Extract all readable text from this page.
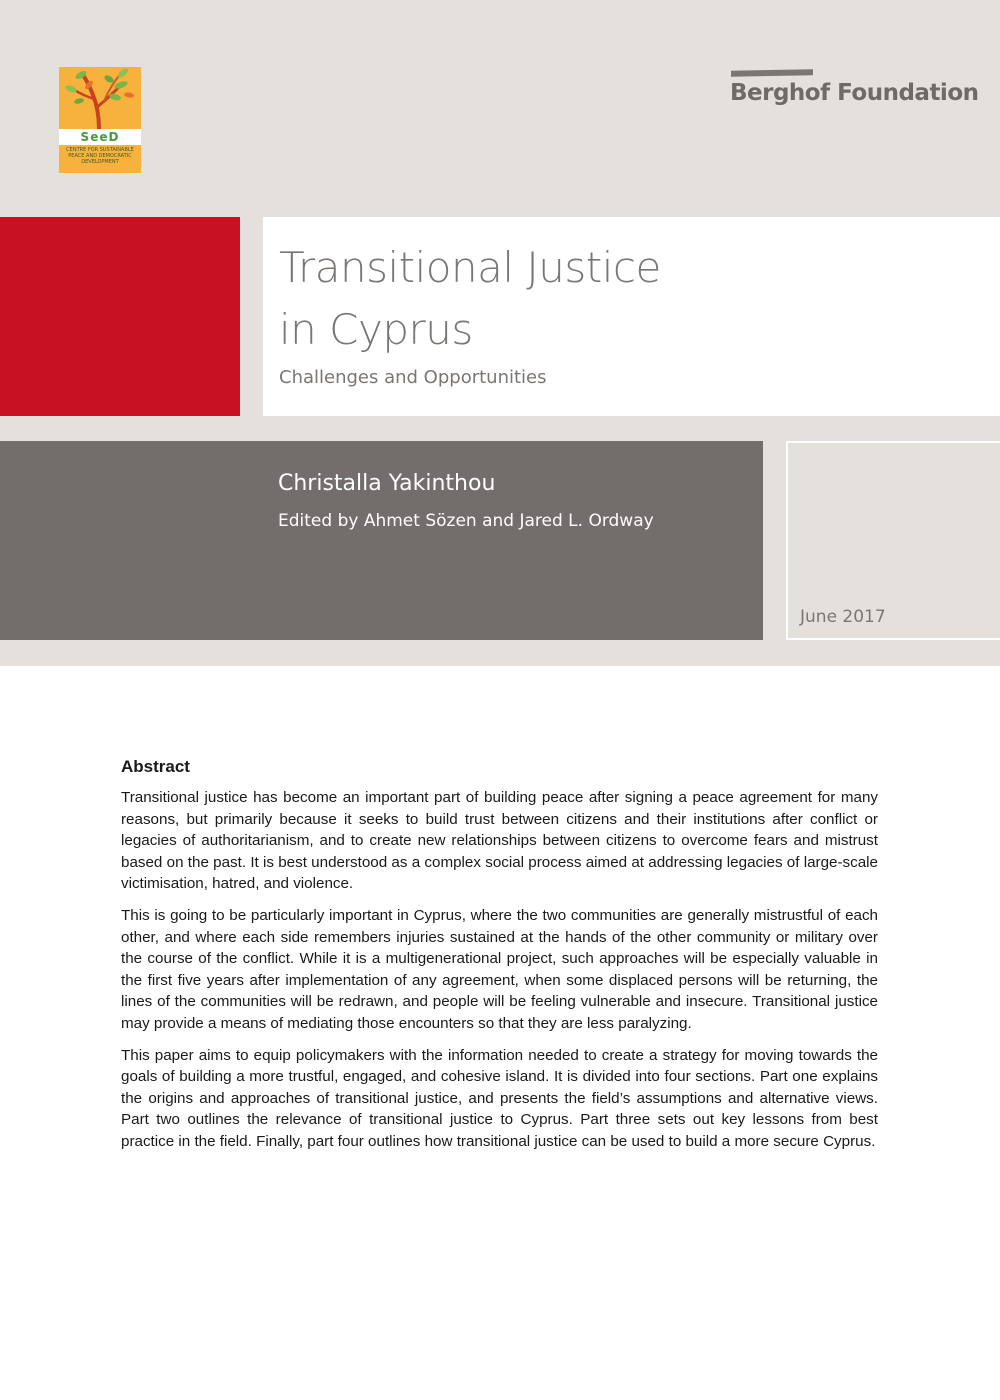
SeeD
CENTRE FOR SUSTAINABLE PEACE AND DEMOCRATIC DEVELOPMENT
Berghof Foundation
Transitional Justice
in Cyprus
Challenges and Opportunities
Christalla Yakinthou
Edited by Ahmet Sözen and Jared L. Ordway
June 2017
Abstract

Transitional justice has become an important part of building peace after signing a peace agreement for many reasons, but primarily because it seeks to build trust between citizens and their institutions after conflict or legacies of authoritarianism, and to create new relationships between citizens to overcome fears and mistrust based on the past. It is best understood as a complex social process aimed at addressing legacies of large-scale victimisation, hatred, and violence.

This is going to be particularly important in Cyprus, where the two communities are generally mistrustful of each other, and where each side remembers injuries sustained at the hands of the other community or military over the course of the conflict. While it is a multigenerational project, such approaches will be especially valuable in the first five years after implementation of any agreement, when some displaced persons will be returning, the lines of the communities will be redrawn, and people will be feeling vulnerable and insecure. Transitional justice may provide a means of mediating those encounters so that they are less paralyzing.

This paper aims to equip policymakers with the information needed to create a strategy for moving towards the goals of building a more trustful, engaged, and cohesive island. It is divided into four sections. Part one explains the origins and approaches of transitional justice, and presents the field’s assumptions and alternative views. Part two outlines the relevance of transitional justice to Cyprus. Part three sets out key lessons from best practice in the field. Finally, part four outlines how transitional justice can be used to build a more secure Cyprus.
